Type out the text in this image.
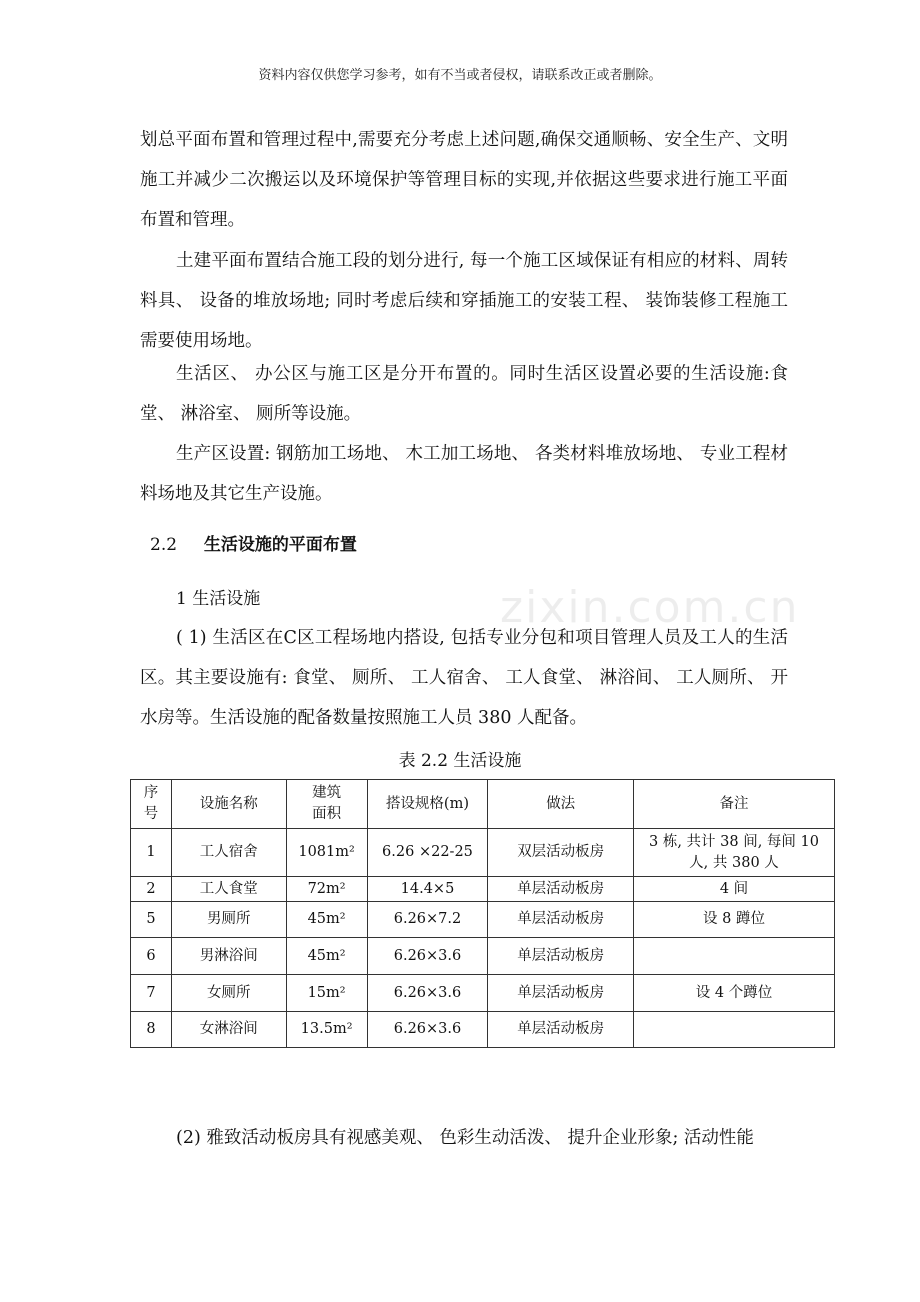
资料内容仅供您学习参考，如有不当或者侵权，请联系改正或者删除。
zixin.com.cn

划总平面布置和管理过程中,需要充分考虑上述问题,确保交通顺畅、安全生产、文明施工并减少二次搬运以及环境保护等管理目标的实现,并依据这些要求进行施工平面布置和管理。

土建平面布置结合施工段的划分进行, 每一个施工区域保证有相应的材料、周转料具、 设备的堆放场地; 同时考虑后续和穿插施工的安装工程、 装饰装修工程施工需要使用场地。

生活区、 办公区与施工区是分开布置的。同时生活区设置必要的生活设施:食堂、 淋浴室、 厕所等设施。

生产区设置: 钢筋加工场地、 木工加工场地、 各类材料堆放场地、 专业工程材料场地及其它生产设施。

2.2 生活设施的平面布置
1 生活设施

( 1) 生活区在C区工程场地内搭设, 包括专业分包和项目管理人员及工人的生活区。其主要设施有: 食堂、 厕所、 工人宿舍、 工人食堂、 淋浴间、 工人厕所、 开水房等。生活设施的配备数量按照施工人员 380 人配备。

表 2.2 生活设施
序号	设施名称	建筑面积	搭设规格(m)	做法	备注
1	工人宿舍	1081m²	6.26 ×22-25	双层活动板房	3 栋, 共计 38 间, 每间 10 人, 共 380 人

2	工人食堂	72m²	14.4×5	单层活动板房	4 间
5	男厕所	45m²	6.26×7.2	单层活动板房	设 8 蹲位
6	男淋浴间	45m²	6.26×3.6	单层活动板房	
7	女厕所	15m²	6.26×3.6	单层活动板房	设 4 个蹲位
8	女淋浴间	13.5m²	6.26×3.6	单层活动板房	
(2) 雅致活动板房具有视感美观、 色彩生动活泼、 提升企业形象; 活动性能
